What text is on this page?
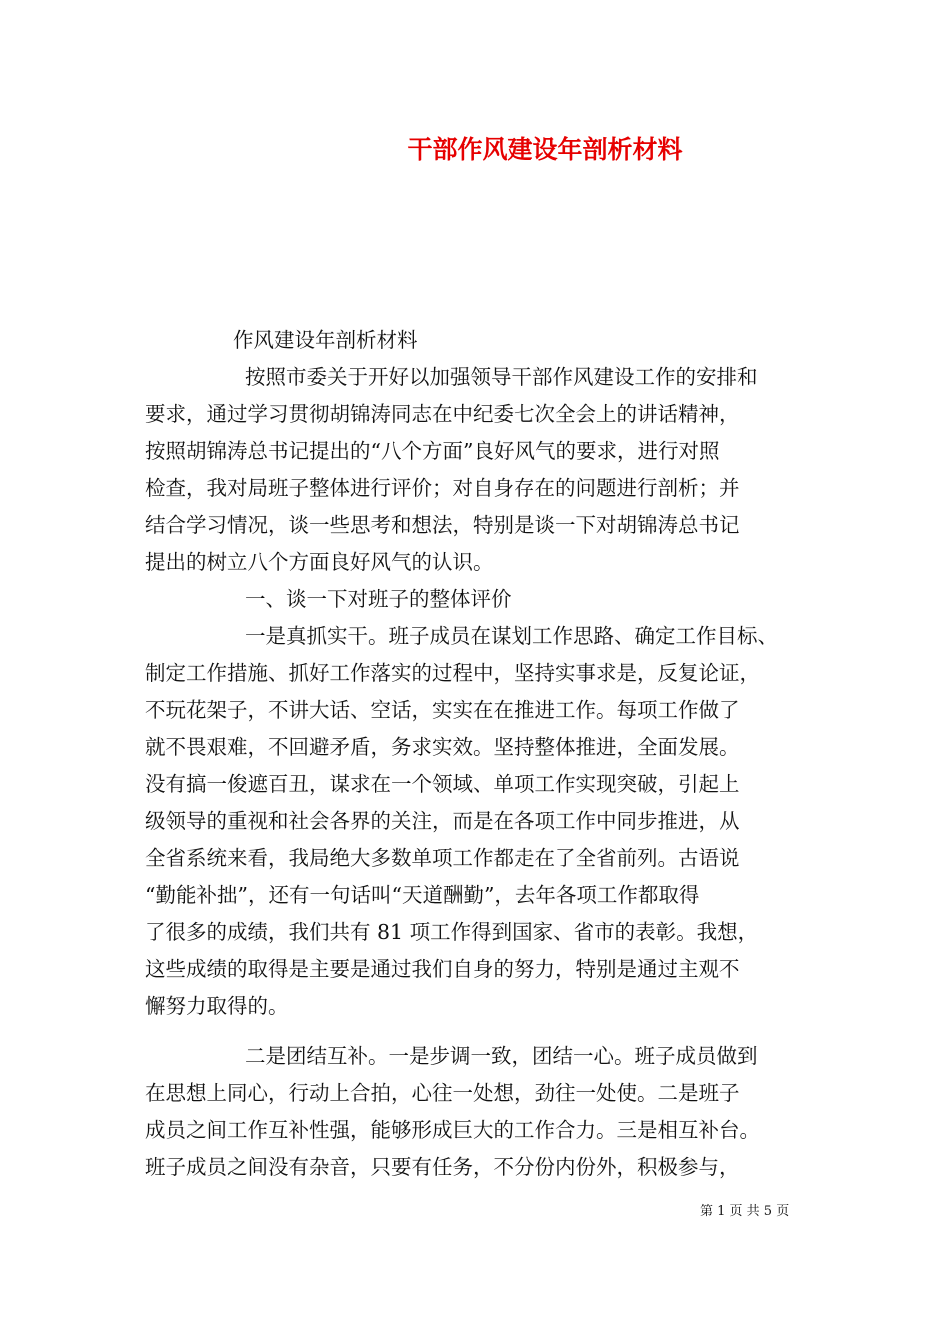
干部作风建设年剖析材料
作风建设年剖析材料
按照市委关于开好以加强领导干部作风建设工作的安排和
要求，通过学习贯彻胡锦涛同志在中纪委七次全会上的讲话精神，
按照胡锦涛总书记提出的“八个方面”良好风气的要求，进行对照
检查，我对局班子整体进行评价；对自身存在的问题进行剖析；并
结合学习情况，谈一些思考和想法，特别是谈一下对胡锦涛总书记
提出的树立八个方面良好风气的认识。
一、谈一下对班子的整体评价
一是真抓实干。班子成员在谋划工作思路、确定工作目标、
制定工作措施、抓好工作落实的过程中，坚持实事求是，反复论证，
不玩花架子，不讲大话、空话，实实在在推进工作。每项工作做了
就不畏艰难，不回避矛盾，务求实效。坚持整体推进，全面发展。
没有搞一俊遮百丑，谋求在一个领域、单项工作实现突破，引起上
级领导的重视和社会各界的关注，而是在各项工作中同步推进，从
全省系统来看，我局绝大多数单项工作都走在了全省前列。古语说
“勤能补拙”，还有一句话叫“天道酬勤”，去年各项工作都取得
了很多的成绩，我们共有 81 项工作得到国家、省市的表彰。我想，
这些成绩的取得是主要是通过我们自身的努力，特别是通过主观不
懈努力取得的。
二是团结互补。一是步调一致，团结一心。班子成员做到
在思想上同心，行动上合拍，心往一处想，劲往一处使。二是班子
成员之间工作互补性强，能够形成巨大的工作合力。三是相互补台。
班子成员之间没有杂音，只要有任务，不分份内份外，积极参与，
第 1 页 共 5 页
